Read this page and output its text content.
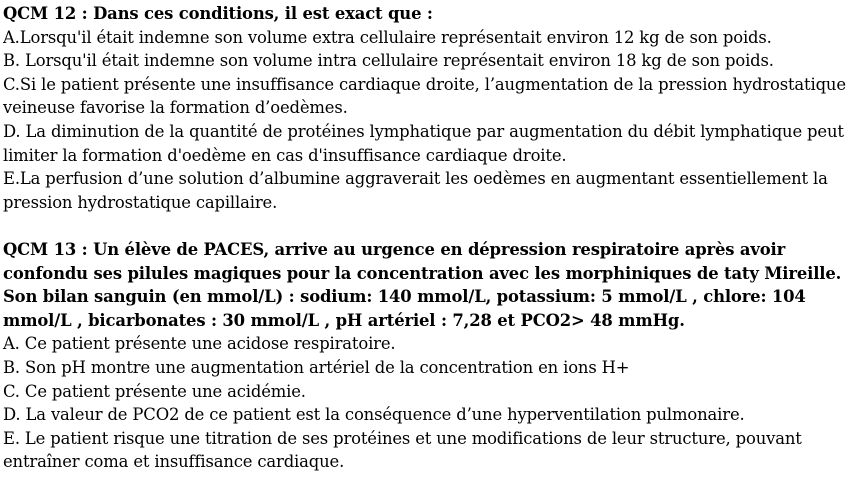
QCM 12 : Dans ces conditions, il est exact que :

A.Lorsqu'il était indemne son volume extra cellulaire représentait environ 12 kg de son poids.

B. Lorsqu'il était indemne son volume intra cellulaire représentait environ 18 kg de son poids.

C.Si le patient présente une insuffisance cardiaque droite, l’augmentation de la pression hydrostatique veineuse favorise la formation d’oedèmes.

D. La diminution de la quantité de protéines lymphatique par augmentation du débit lymphatique peut limiter la formation d'oedème en cas d'insuffisance cardiaque droite.

E.La perfusion d’une solution d’albumine aggraverait les oedèmes en augmentant essentiellement la pression hydrostatique capillaire.

QCM 13 : Un élève de PACES, arrive au urgence en dépression respiratoire après avoir confondu ses pilules magiques pour la concentration avec les morphiniques de taty Mireille. Son bilan sanguin (en mmol/L) : sodium: 140 mmol/L, potassium: 5 mmol/L , chlore: 104 mmol/L , bicarbonates : 30 mmol/L , pH artériel : 7,28 et PCO2> 48 mmHg.

A. Ce patient présente une acidose respiratoire.

B. Son pH montre une augmentation artériel de la concentration en ions H+

C. Ce patient présente une acidémie.

D. La valeur de PCO2 de ce patient est la conséquence d’une hyperventilation pulmonaire.

E. Le patient risque une titration de ses protéines et une modifications de leur structure, pouvant entraîner coma et insuffisance cardiaque.
